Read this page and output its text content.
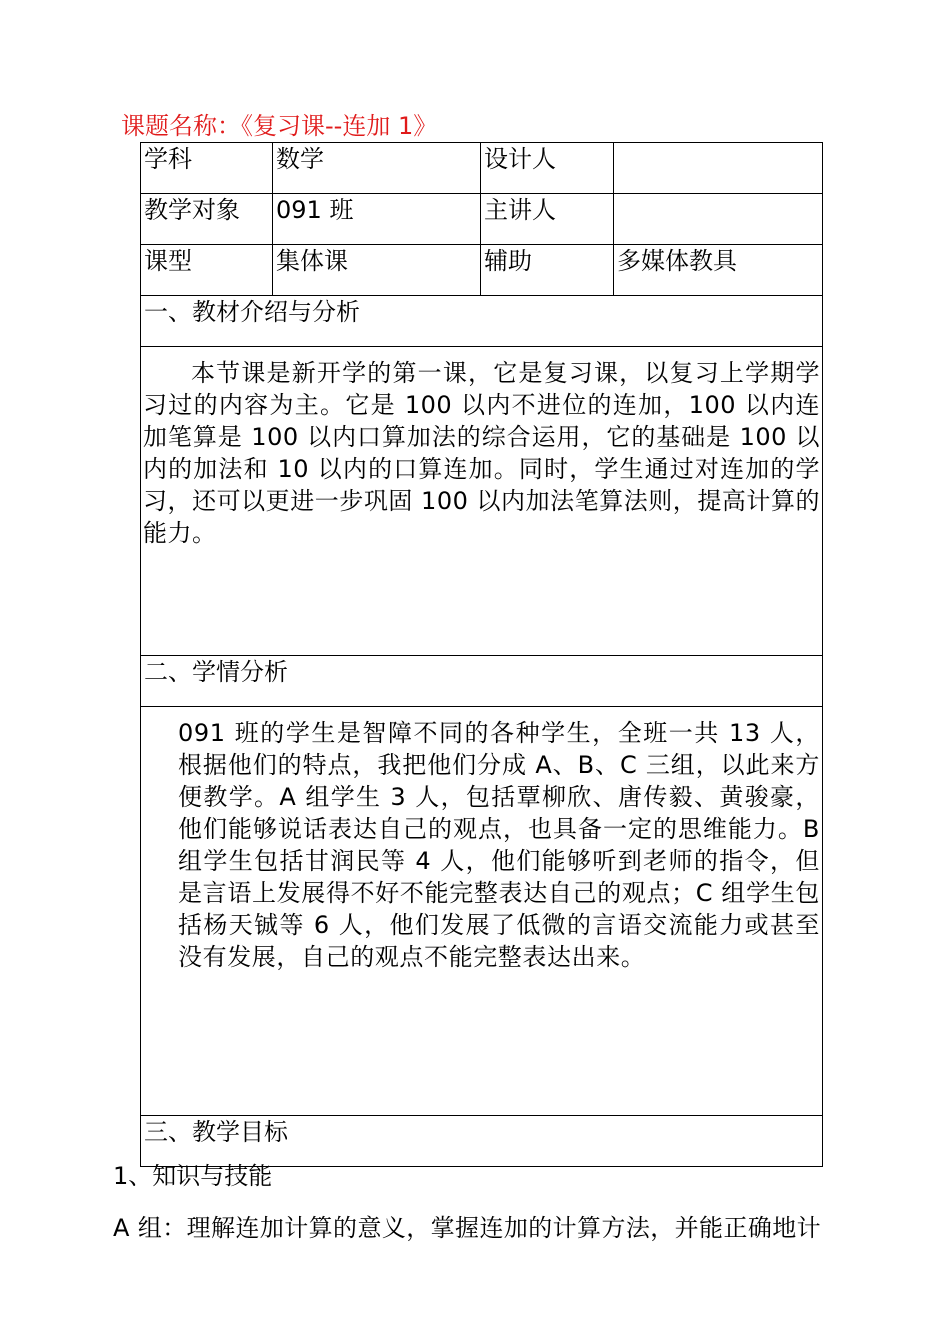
课题名称：《复习课--连加 1》
学科	数学	设计人	
教学对象	091 班	主讲人	
课型	集体课	辅助	多媒体教具
一、教材介绍与分析			
本节课是新开学的第一课，它是复习课，以复习上学期学习过的内容为主。它是 100 以内不进位的连加，100 以内连加笔算是 100 以内口算加法的综合运用，它的基础是 100 以内的加法和 10 以内的口算连加。同时，学生通过对连加的学习，还可以更进一步巩固 100 以内加法笔算法则，提高计算的能力。			
二、学情分析			
091 班的学生是智障不同的各种学生，全班一共 13 人，根据他们的特点，我把他们分成 A、B、C 三组，以此来方便教学。A 组学生 3 人，包括覃柳欣、唐传毅、黄骏豪，他们能够说话表达自己的观点，也具备一定的思维能力。B 组学生包括甘润民等 4 人，他们能够听到老师的指令，但是言语上发展得不好不能完整表达自己的观点；C 组学生包括杨天铖等 6 人，他们发展了低微的言语交流能力或甚至没有发展，自己的观点不能完整表达出来。			
三、教学目标			
1、知识与技能
A 组：理解连加计算的意义，掌握连加的计算方法，并能正确地计
